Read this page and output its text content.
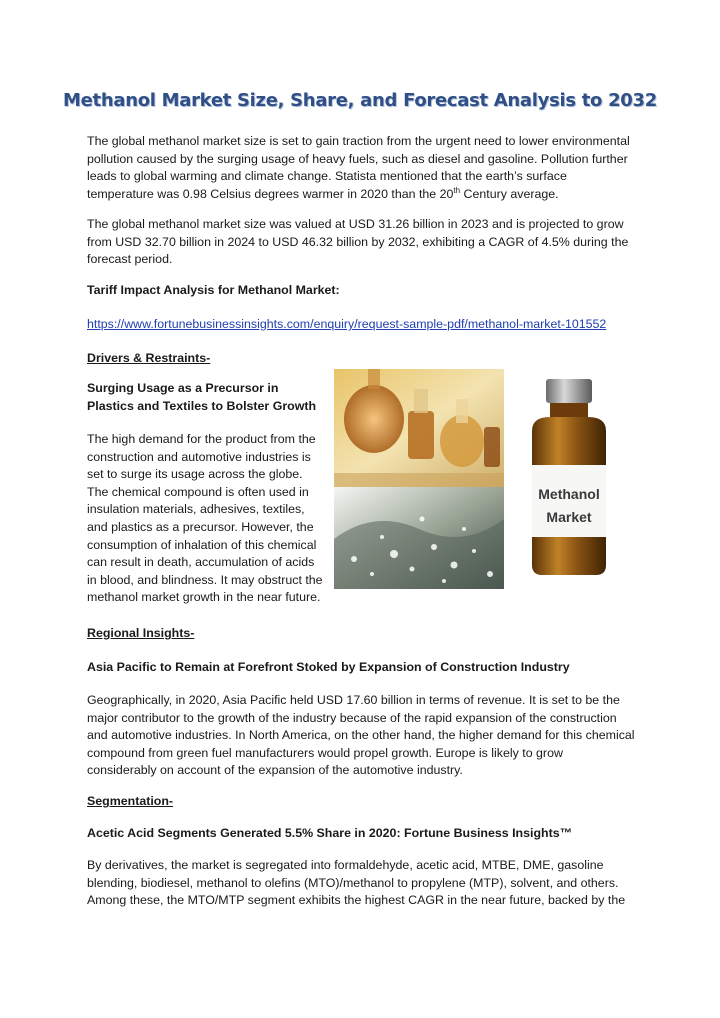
Methanol Market Size, Share, and Forecast Analysis to 2032

The global methanol market size is set to gain traction from the urgent need to lower environmental pollution caused by the surging usage of heavy fuels, such as diesel and gasoline. Pollution further leads to global warming and climate change. Statista mentioned that the earth’s surface temperature was 0.98 Celsius degrees warmer in 2020 than the 20th Century average.

The global methanol market size was valued at USD 31.26 billion in 2023 and is projected to grow from USD 32.70 billion in 2024 to USD 46.32 billion by 2032, exhibiting a CAGR of 4.5% during the forecast period.

Tariff Impact Analysis for Methanol Market:

https://www.fortunebusinessinsights.com/enquiry/request-sample-pdf/methanol-market-101552

Drivers & Restraints-

Surging Usage as a Precursor in Plastics and Textiles to Bolster Growth

The high demand for the product from the construction and automotive industries is set to surge its usage across the globe. The chemical compound is often used in insulation materials, adhesives, textiles, and plastics as a precursor. However, the consumption of inhalation of this chemical can result in death, accumulation of acids in blood, and blindness. It may obstruct the methanol market growth in the near future.

Methanol
Market

Regional Insights-

Asia Pacific to Remain at Forefront Stoked by Expansion of Construction Industry

Geographically, in 2020, Asia Pacific held USD 17.60 billion in terms of revenue. It is set to be the major contributor to the growth of the industry because of the rapid expansion of the construction and automotive industries. In North America, on the other hand, the higher demand for this chemical compound from green fuel manufacturers would propel growth. Europe is likely to grow considerably on account of the expansion of the automotive industry.

Segmentation-

Acetic Acid Segments Generated 5.5% Share in 2020: Fortune Business Insights™

By derivatives, the market is segregated into formaldehyde, acetic acid, MTBE, DME, gasoline blending, biodiesel, methanol to olefins (MTO)/methanol to propylene (MTP), solvent, and others. Among these, the MTO/MTP segment exhibits the highest CAGR in the near future, backed by the
